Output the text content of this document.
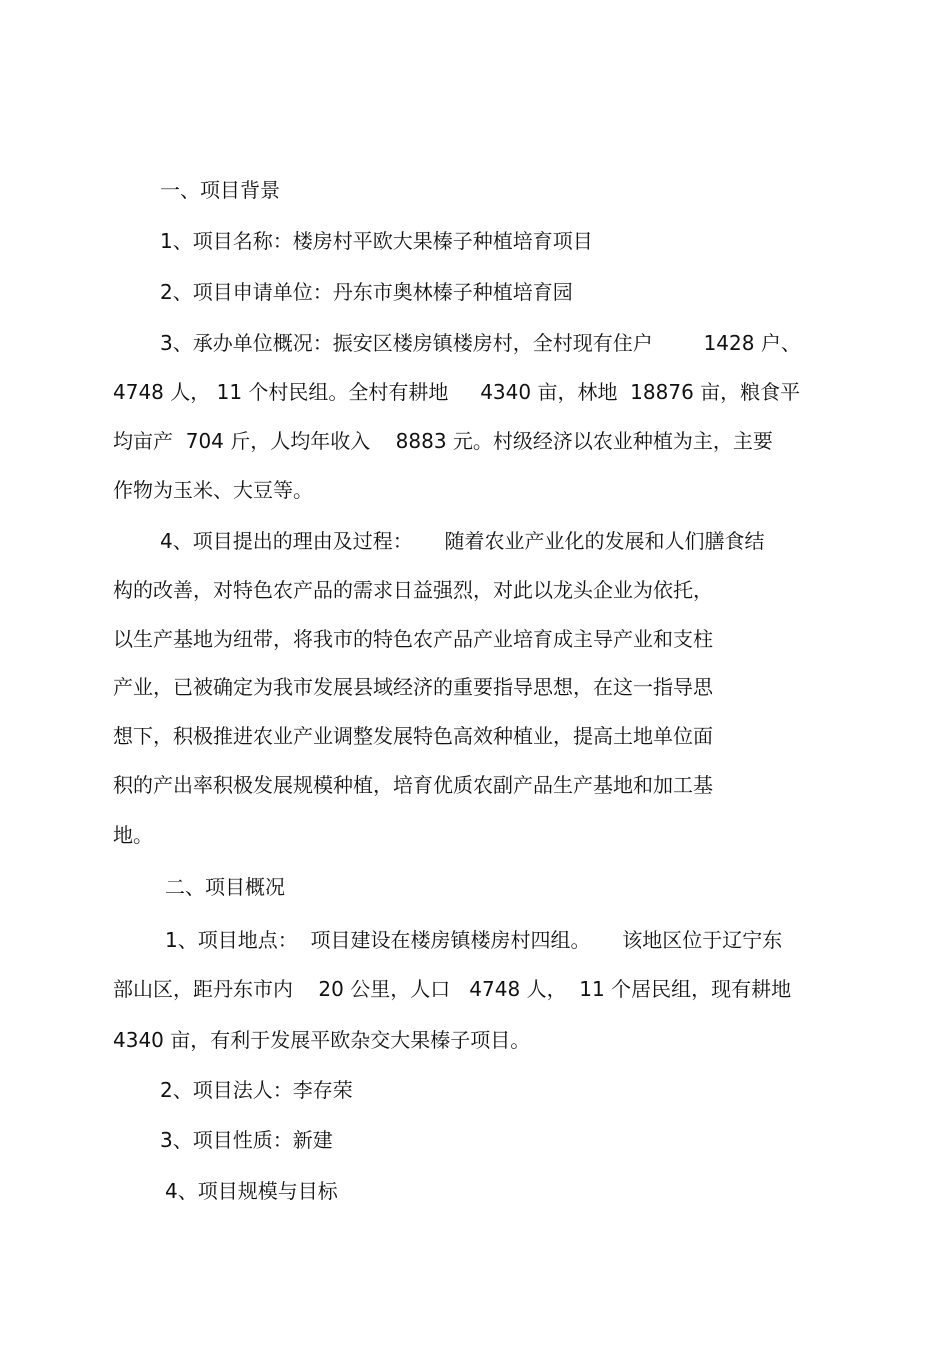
一、项目背景

1、项目名称：楼房村平欧大果榛子种植培育项目

2、项目申请单位：丹东市奥林榛子种植培育园

3、承办单位概况：振安区楼房镇楼房村，全村现有住户        1428 户、

4748 人， 11 个村民组。全村有耕地     4340 亩，林地  18876 亩，粮食平

均亩产  704 斤，人均年收入    8883 元。村级经济以农业种植为主，主要

作物为玉米、大豆等。

4、项目提出的理由及过程：     随着农业产业化的发展和人们膳食结

构的改善，对特色农产品的需求日益强烈，对此以龙头企业为依托，

以生产基地为纽带，将我市的特色农产品产业培育成主导产业和支柱

产业，已被确定为我市发展县域经济的重要指导思想，在这一指导思

想下，积极推进农业产业调整发展特色高效种植业，提高土地单位面

积的产出率积极发展规模种植，培育优质农副产品生产基地和加工基

地。

二、项目概况

1、项目地点：  项目建设在楼房镇楼房村四组。     该地区位于辽宁东

部山区，距丹东市内    20 公里，人口   4748 人，  11 个居民组，现有耕地

4340 亩，有利于发展平欧杂交大果榛子项目。

2、项目法人：李存荣

3、项目性质：新建

4、项目规模与目标
